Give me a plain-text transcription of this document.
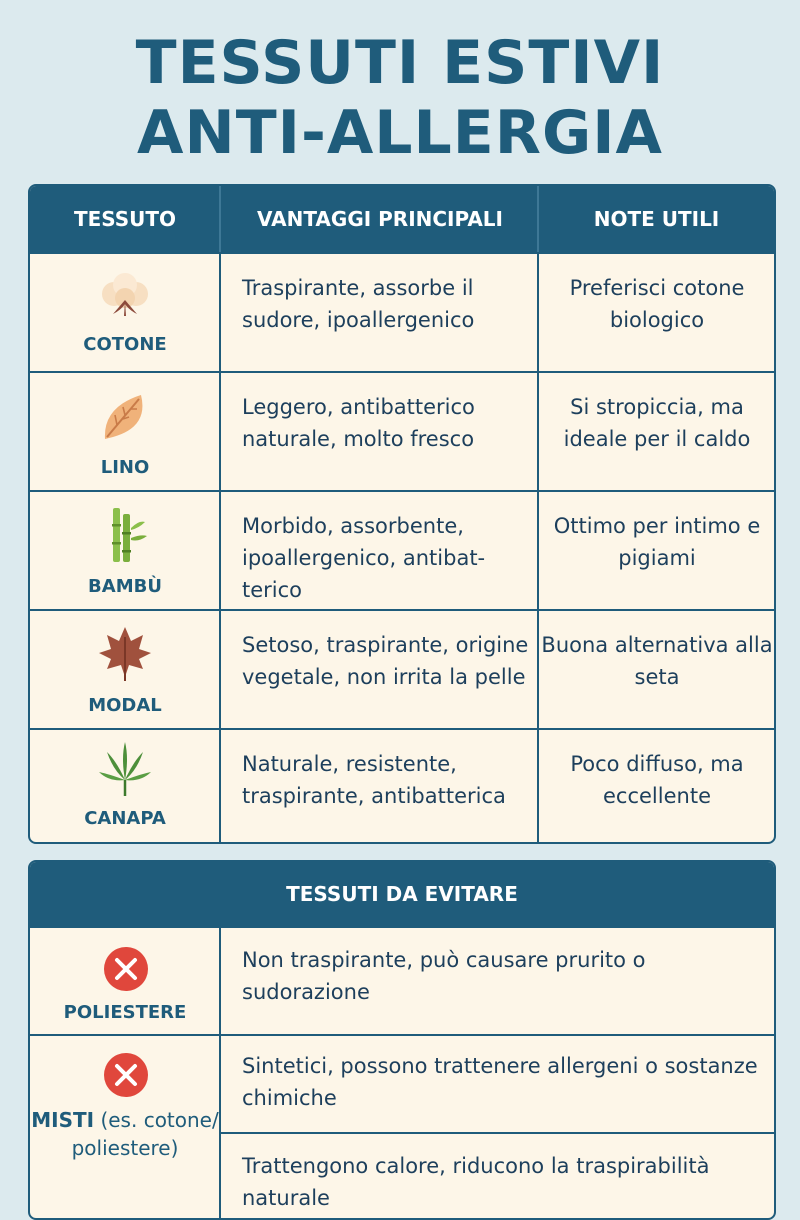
TESSUTI ESTIVI
ANTI-ALLERGIA
TESSUTO	VANTAGGI PRINCIPALI	NOTE UTILI
COTONE
Traspirante, assorbe il sudore, ipoallergenico
Preferisci cotone biologico
LINO
Leggero, antibatterico naturale, molto fresco
Si stropiccia, ma ideale per il caldo
BAMBÙ
Morbido, assorbente, ipoallergenico, antibat- terico
Ottimo per intimo e pigiami
MODAL
Setoso, traspirante, origine vegetale, non irrita la pelle
Buona alternativa alla seta
CANAPA
Naturale, resistente, traspirante, antibatterica
Poco diffuso, ma eccellente
TESSUTI DA EVITARE
POLIESTERE
Non traspirante, può causare prurito o sudorazione
MISTI (es. cotone/ poliestere)
Sintetici, possono trattenere allergeni o sostanze chimiche
Trattengono calore, riducono la traspirabilità naturale
